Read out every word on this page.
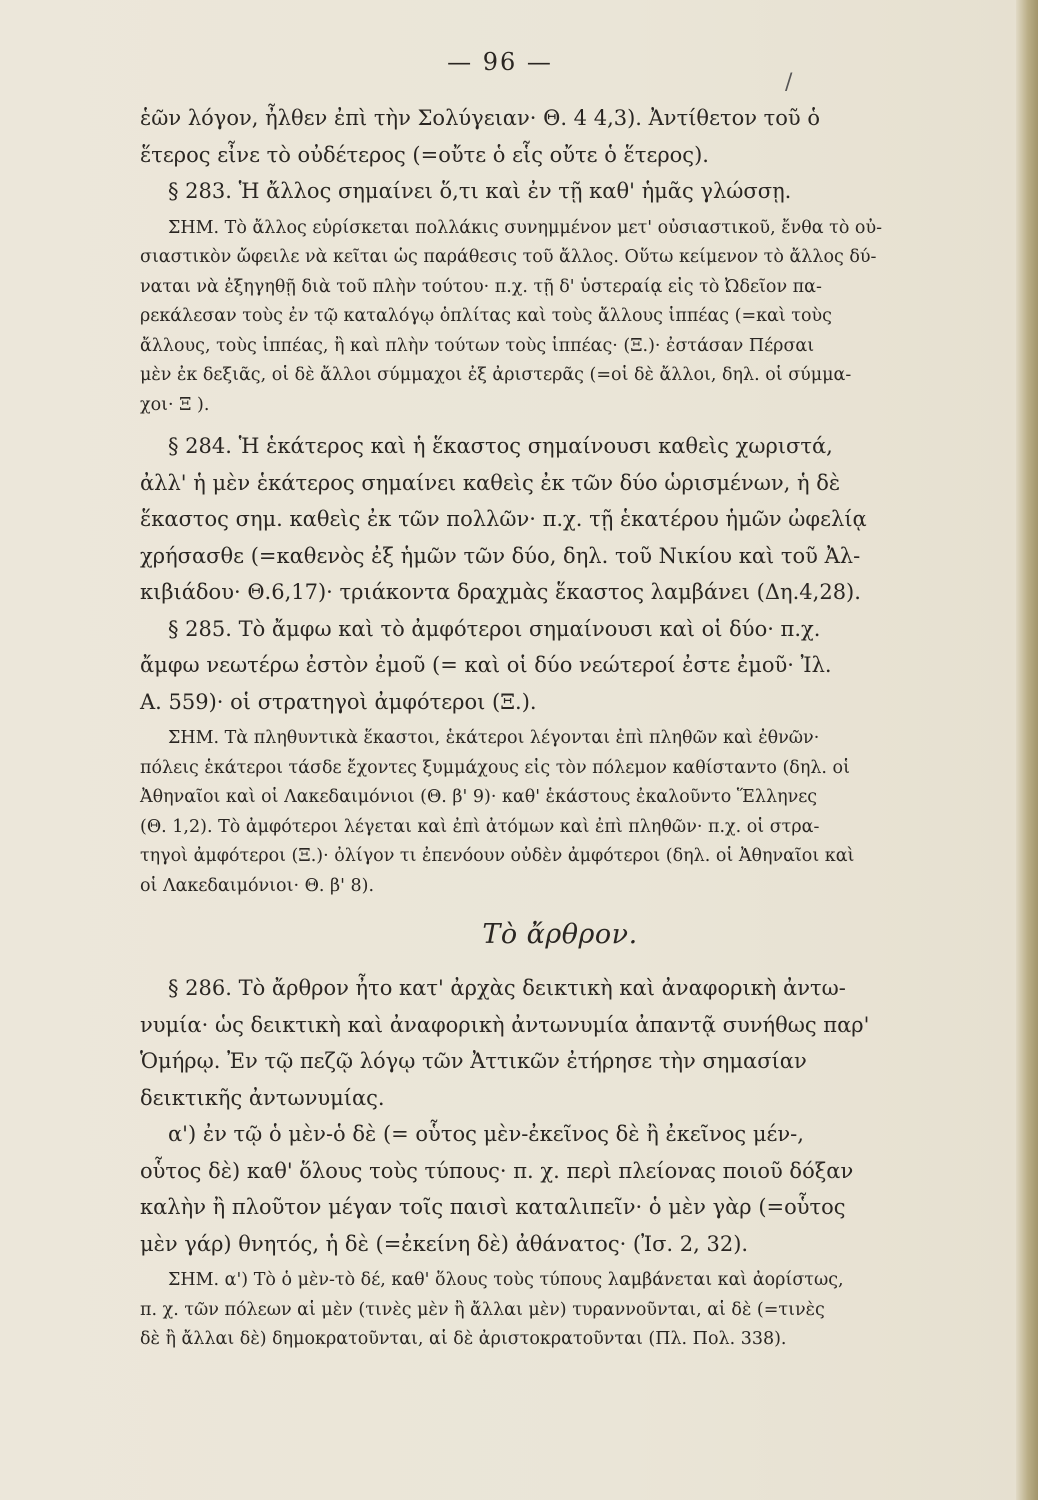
— 96 —
/

ἑῶν λόγον, ἦλθεν ἐπὶ τὴν Σολύγειαν· Θ. 4 4,3). Ἀντίθετον τοῦ ὁ

ἕτερος εἶνε τὸ οὐδέτερος (=οὔτε ὁ εἷς οὔτε ὁ ἕτερος).

§ 283. Ἡ ἄλλος σημαίνει ὅ,τι καὶ ἐν τῇ καθ' ἡμᾶς γλώσσῃ.

ΣΗΜ. Τὸ ἄλλος εὑρίσκεται πολλάκις συνημμένον μετ' οὐσιαστικοῦ, ἔνθα τὸ οὐ-

σιαστικὸν ὤφειλε νὰ κεῖται ὡς παράθεσις τοῦ ἄλλος. Οὕτω κείμενον τὸ ἄλλος δύ-

ναται νὰ ἐξηγηθῇ διὰ τοῦ πλὴν τούτου· π.χ. τῇ δ' ὑστεραίᾳ εἰς τὸ Ὠδεῖον πα-

ρεκάλεσαν τοὺς ἐν τῷ καταλόγῳ ὁπλίτας καὶ τοὺς ἄλλους ἱππέας (=καὶ τοὺς

ἄλλους, τοὺς ἱππέας, ἢ καὶ πλὴν τούτων τοὺς ἱππέας· (Ξ.)· ἐστάσαν Πέρσαι

μὲν ἐκ δεξιᾶς, οἱ δὲ ἄλλοι σύμμαχοι ἐξ ἀριστερᾶς (=οἱ δὲ ἄλλοι, δηλ. οἱ σύμμα-

χοι· Ξ ).

§ 284. Ἡ ἑκάτερος καὶ ἡ ἕκαστος σημαίνουσι καθεὶς χωριστά,

ἀλλ' ἡ μὲν ἑκάτερος σημαίνει καθεὶς ἐκ τῶν δύο ὡρισμένων, ἡ δὲ

ἕκαστος σημ. καθεὶς ἐκ τῶν πολλῶν· π.χ. τῇ ἑκατέρου ἡμῶν ὠφελίᾳ

χρήσασθε (=καθενὸς ἐξ ἡμῶν τῶν δύο, δηλ. τοῦ Νικίου καὶ τοῦ Ἀλ-

κιβιάδου· Θ.6,17)· τριάκοντα δραχμὰς ἕκαστος λαμβάνει (Δη.4,28).

§ 285. Τὸ ἄμφω καὶ τὸ ἀμφότεροι σημαίνουσι καὶ οἱ δύο· π.χ.

ἄμφω νεωτέρω ἐστὸν ἐμοῦ (= καὶ οἱ δύο νεώτεροί ἐστε ἐμοῦ· Ἰλ.

Α. 559)· οἱ στρατηγοὶ ἀμφότεροι (Ξ.).

ΣΗΜ. Τὰ πληθυντικὰ ἕκαστοι, ἑκάτεροι λέγονται ἐπὶ πληθῶν καὶ ἐθνῶν·

πόλεις ἑκάτεροι τάσδε ἔχοντες ξυμμάχους εἰς τὸν πόλεμον καθίσταντο (δηλ. οἱ

Ἀθηναῖοι καὶ οἱ Λακεδαιμόνιοι (Θ. β' 9)· καθ' ἑκάστους ἐκαλοῦντο Ἕλληνες

(Θ. 1,2). Τὸ ἀμφότεροι λέγεται καὶ ἐπὶ ἀτόμων καὶ ἐπὶ πληθῶν· π.χ. οἱ στρα-

τηγοὶ ἀμφότεροι (Ξ.)· ὀλίγον τι ἐπενόουν οὐδὲν ἀμφότεροι (δηλ. οἱ Ἀθηναῖοι καὶ

οἱ Λακεδαιμόνιοι· Θ. β' 8).

Τὸ ἄρθρον.

§ 286. Τὸ ἄρθρον ἦτο κατ' ἀρχὰς δεικτικὴ καὶ ἀναφορικὴ ἀντω-

νυμία· ὡς δεικτικὴ καὶ ἀναφορικὴ ἀντωνυμία ἀπαντᾷ συνήθως παρ'

Ὁμήρῳ. Ἐν τῷ πεζῷ λόγῳ τῶν Ἀττικῶν ἐτήρησε τὴν σημασίαν

δεικτικῆς ἀντωνυμίας.

α') ἐν τῷ ὁ μὲν-ὁ δὲ (= οὗτος μὲν-ἐκεῖνος δὲ ἢ ἐκεῖνος μέν-,

οὗτος δὲ) καθ' ὅλους τοὺς τύπους· π. χ. περὶ πλείονας ποιοῦ δόξαν

καλὴν ἢ πλοῦτον μέγαν τοῖς παισὶ καταλιπεῖν· ὁ μὲν γὰρ (=οὗτος

μὲν γάρ) θνητός, ἡ δὲ (=ἐκείνη δὲ) ἀθάνατος· (Ἰσ. 2, 32).

ΣΗΜ. α') Τὸ ὁ μὲν-τὸ δέ, καθ' ὅλους τοὺς τύπους λαμβάνεται καὶ ἀορίστως,

π. χ. τῶν πόλεων αἱ μὲν (τινὲς μὲν ἢ ἄλλαι μὲν) τυραννοῦνται, αἱ δὲ (=τινὲς

δὲ ἢ ἄλλαι δὲ) δημοκρατοῦνται, αἱ δὲ ἀριστοκρατοῦνται (Πλ. Πολ. 338).
